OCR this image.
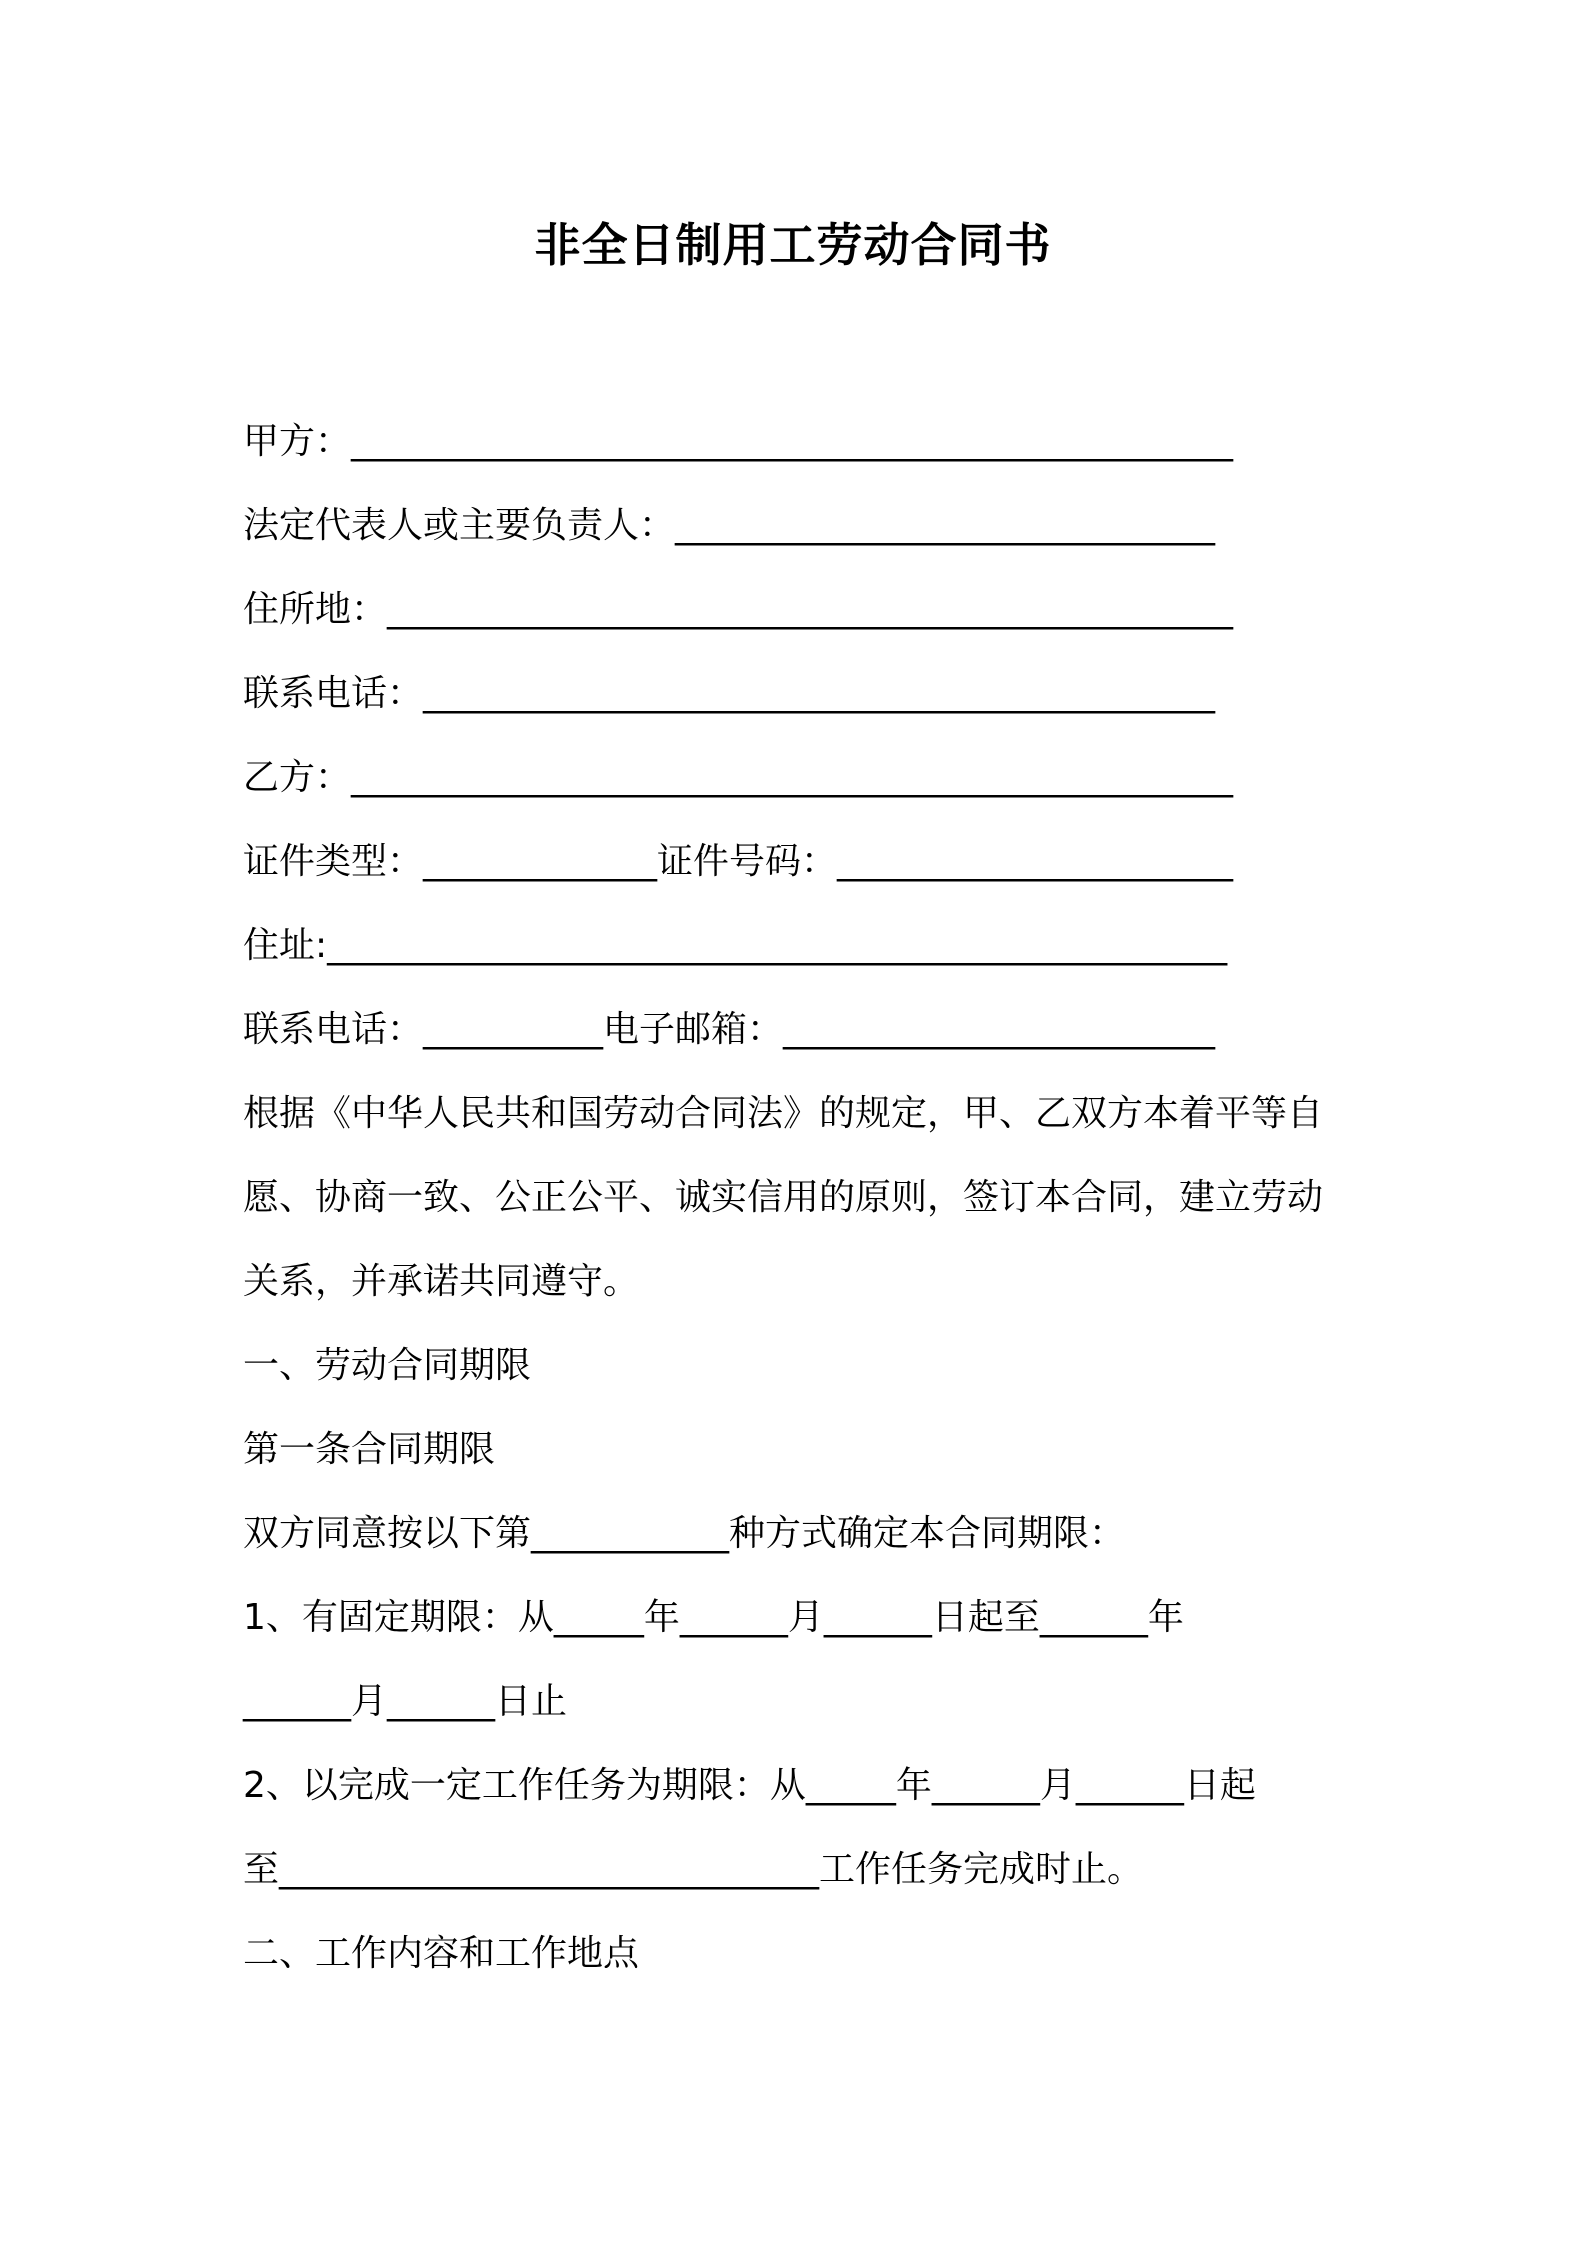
非全日制用工劳动合同书
甲方：_________________________________________________
法定代表人或主要负责人：______________________________
住所地：_______________________________________________
联系电话：____________________________________________
乙方：_________________________________________________
证件类型：_____________证件号码：______________________
住址:__________________________________________________
联系电话：__________电子邮箱：________________________
根据《中华人民共和国劳动合同法》的规定，甲、乙双方本着平等自
愿、协商一致、公正公平、诚实信用的原则，签订本合同，建立劳动
关系，并承诺共同遵守。
一、劳动合同期限
第一条合同期限
双方同意按以下第___________种方式确定本合同期限：
1、有固定期限：从_____年______月______日起至______年
______月______日止
2、以完成一定工作任务为期限：从_____年______月______日起
至______________________________工作任务完成时止。
二、工作内容和工作地点
